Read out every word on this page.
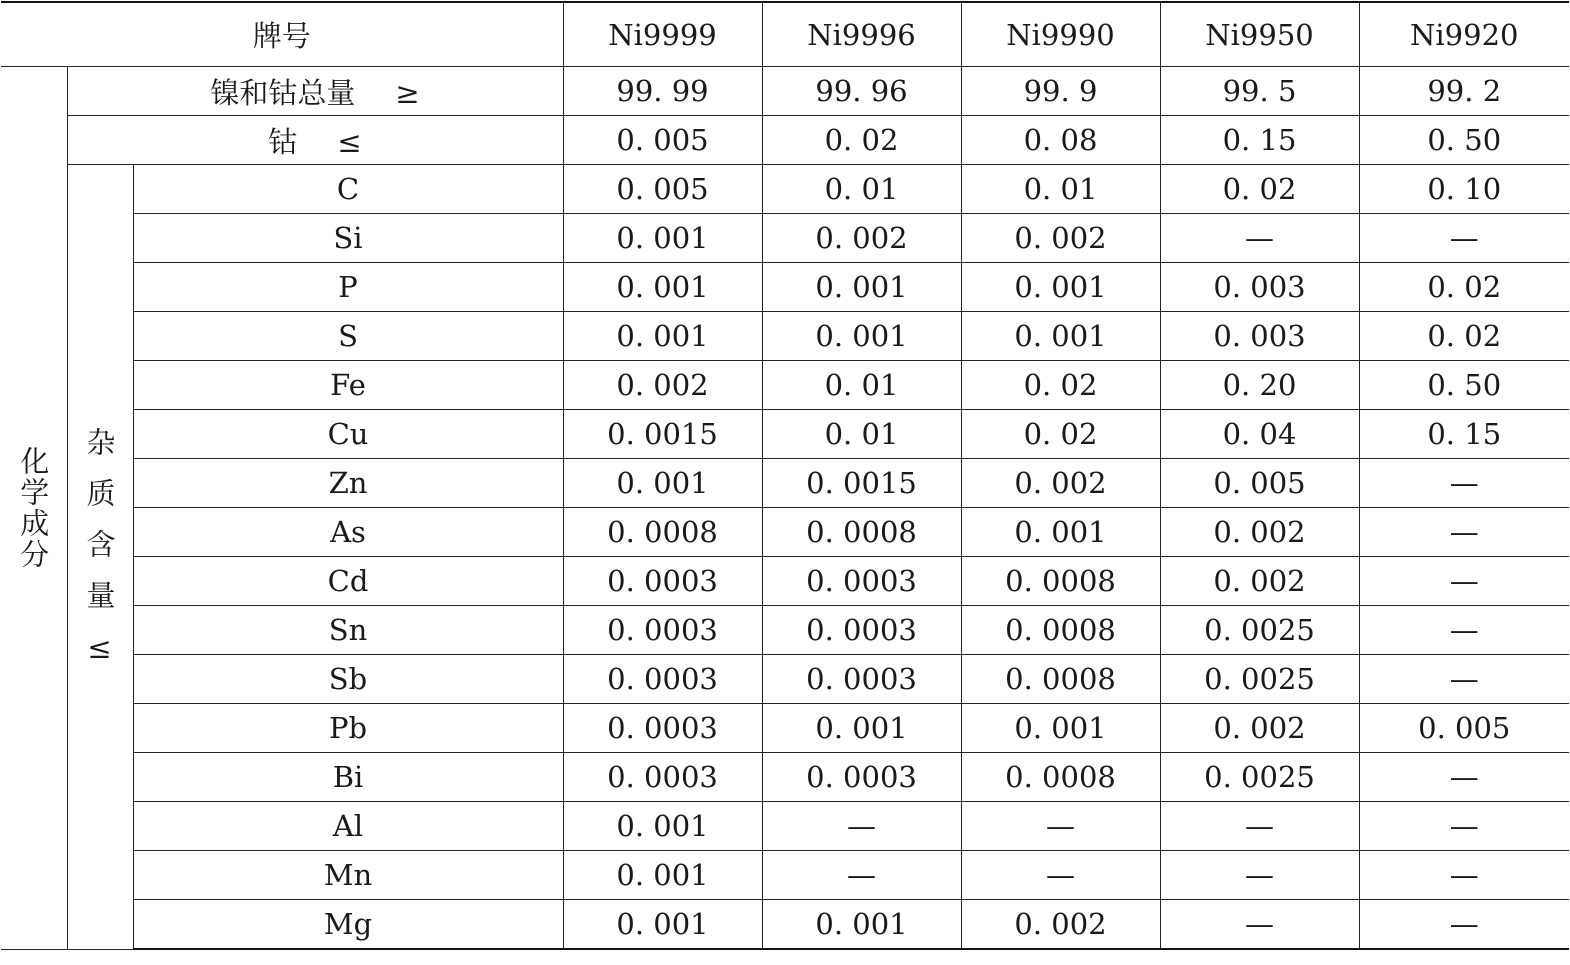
牌号			Ni9999	Ni9996	Ni9990	Ni9950	Ni9920
化学成分	镍和钴总量 ≥		99. 99	99. 96	99. 9	99. 5	99. 2
	钴 ≤		0. 005	0. 02	0. 08	0. 15	0. 50
	杂质含量≤	C	0. 005	0. 01	0. 01	0. 02	0. 10
		Si	0. 001	0. 002	0. 002	—	—
		P	0. 001	0. 001	0. 001	0. 003	0. 02
		S	0. 001	0. 001	0. 001	0. 003	0. 02
		Fe	0. 002	0. 01	0. 02	0. 20	0. 50
		Cu	0. 0015	0. 01	0. 02	0. 04	0. 15
		Zn	0. 001	0. 0015	0. 002	0. 005	—
		As	0. 0008	0. 0008	0. 001	0. 002	—
		Cd	0. 0003	0. 0003	0. 0008	0. 002	—
		Sn	0. 0003	0. 0003	0. 0008	0. 0025	—
		Sb	0. 0003	0. 0003	0. 0008	0. 0025	—
		Pb	0. 0003	0. 001	0. 001	0. 002	0. 005
		Bi	0. 0003	0. 0003	0. 0008	0. 0025	—
		Al	0. 001	—	—	—	—
		Mn	0. 001	—	—	—	—
		Mg	0. 001	0. 001	0. 002	—	—
